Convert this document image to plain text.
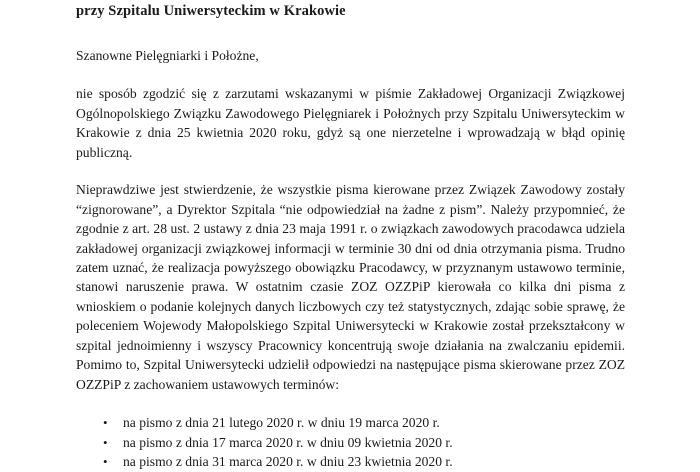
przy Szpitalu Uniwersyteckim w Krakowie

Szanowne Pielęgniarki i Położne,

nie sposób zgodzić się z zarzutami wskazanymi w piśmie Zakładowej Organizacji Związkowej Ogólnopolskiego Związku Zawodowego Pielęgniarek i Położnych przy Szpitalu Uniwersyteckim w Krakowie z dnia 25 kwietnia 2020 roku, gdyż są one nierzetelne i wprowadzają w błąd opinię publiczną.

Nieprawdziwe jest stwierdzenie, że wszystkie pisma kierowane przez Związek Zawodowy zostały “zignorowane”, a Dyrektor Szpitala “nie odpowiedział na żadne z pism”. Należy przypomnieć, że zgodnie z art. 28 ust. 2 ustawy z dnia 23 maja 1991 r. o związkach zawodowych pracodawca udziela zakładowej organizacji związkowej informacji w terminie 30 dni od dnia otrzymania pisma. Trudno zatem uznać, że realizacja powyższego obowiązku Pracodawcy, w przyznanym ustawowo terminie, stanowi naruszenie prawa. W ostatnim czasie ZOZ OZZPiP kierowała co kilka dni pisma z wnioskiem o podanie kolejnych danych liczbowych czy też statystycznych, zdając sobie sprawę, że poleceniem Wojewody Małopolskiego Szpital Uniwersytecki w Krakowie został przekształcony w szpital jednoimienny i wszyscy Pracownicy koncentrują swoje działania na zwalczaniu epidemii. Pomimo to, Szpital Uniwersytecki udzielił odpowiedzi na następujące pisma skierowane przez ZOZ OZZPiP z zachowaniem ustawowych terminów:

• na pismo z dnia 21 lutego 2020 r. w dniu 19 marca 2020 r.
• na pismo z dnia 17 marca 2020 r. w dniu 09 kwietnia 2020 r.
• na pismo z dnia 31 marca 2020 r. w dniu 23 kwietnia 2020 r.
